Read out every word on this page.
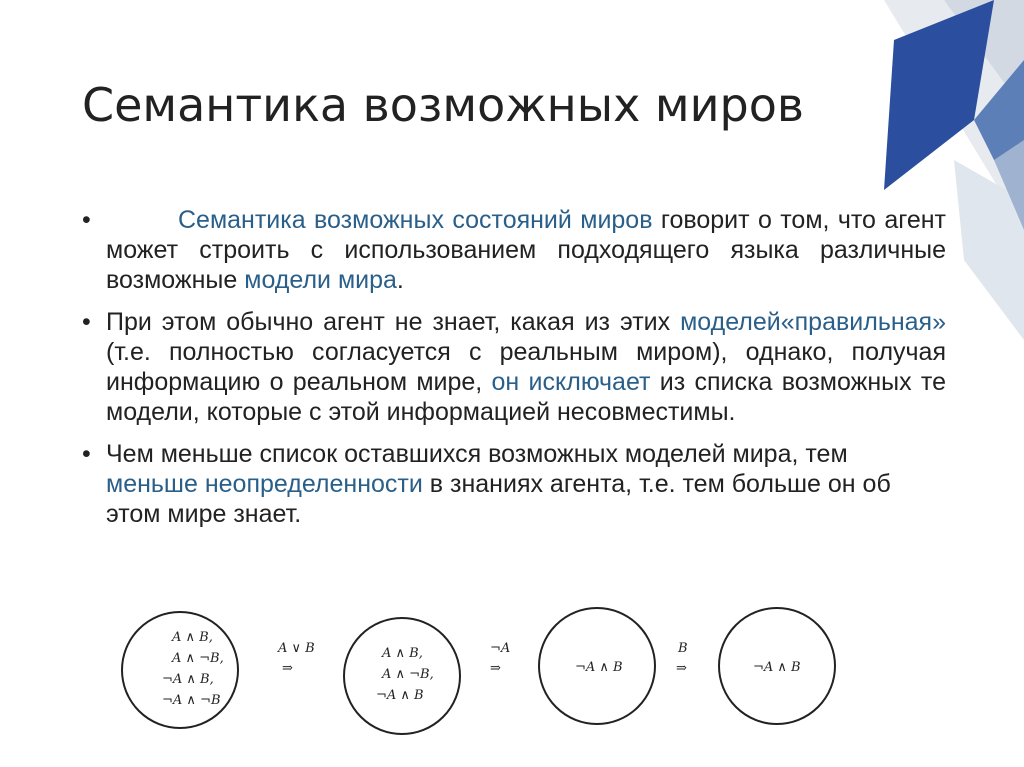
Семантика возможных миров
•	Семантика возможных состояний миров говорит о том, что агент может строить с использованием подходящего языка различные возможные модели мира.
• При этом обычно агент не знает, какая из этих моделей«правильная» (т.е. полностью согласуется с реальным миром), однако, получая информацию о реальном мире, он исключает из списка возможных те модели, которые с этой информацией несовместимы.
• Чем меньше список оставшихся возможных моделей мира, тем меньше неопределенности в знаниях агента, т.е. тем больше он об этом мире знает.
A ∧ B,
A ∧ ¬B,
¬A ∧ B,
¬A ∧ ¬B
A ∨ B
⇒
A ∧ B,
A ∧ ¬B,
¬A ∧ B
¬A
⇒	¬A ∧ B
B
⇒	¬A ∧ B
